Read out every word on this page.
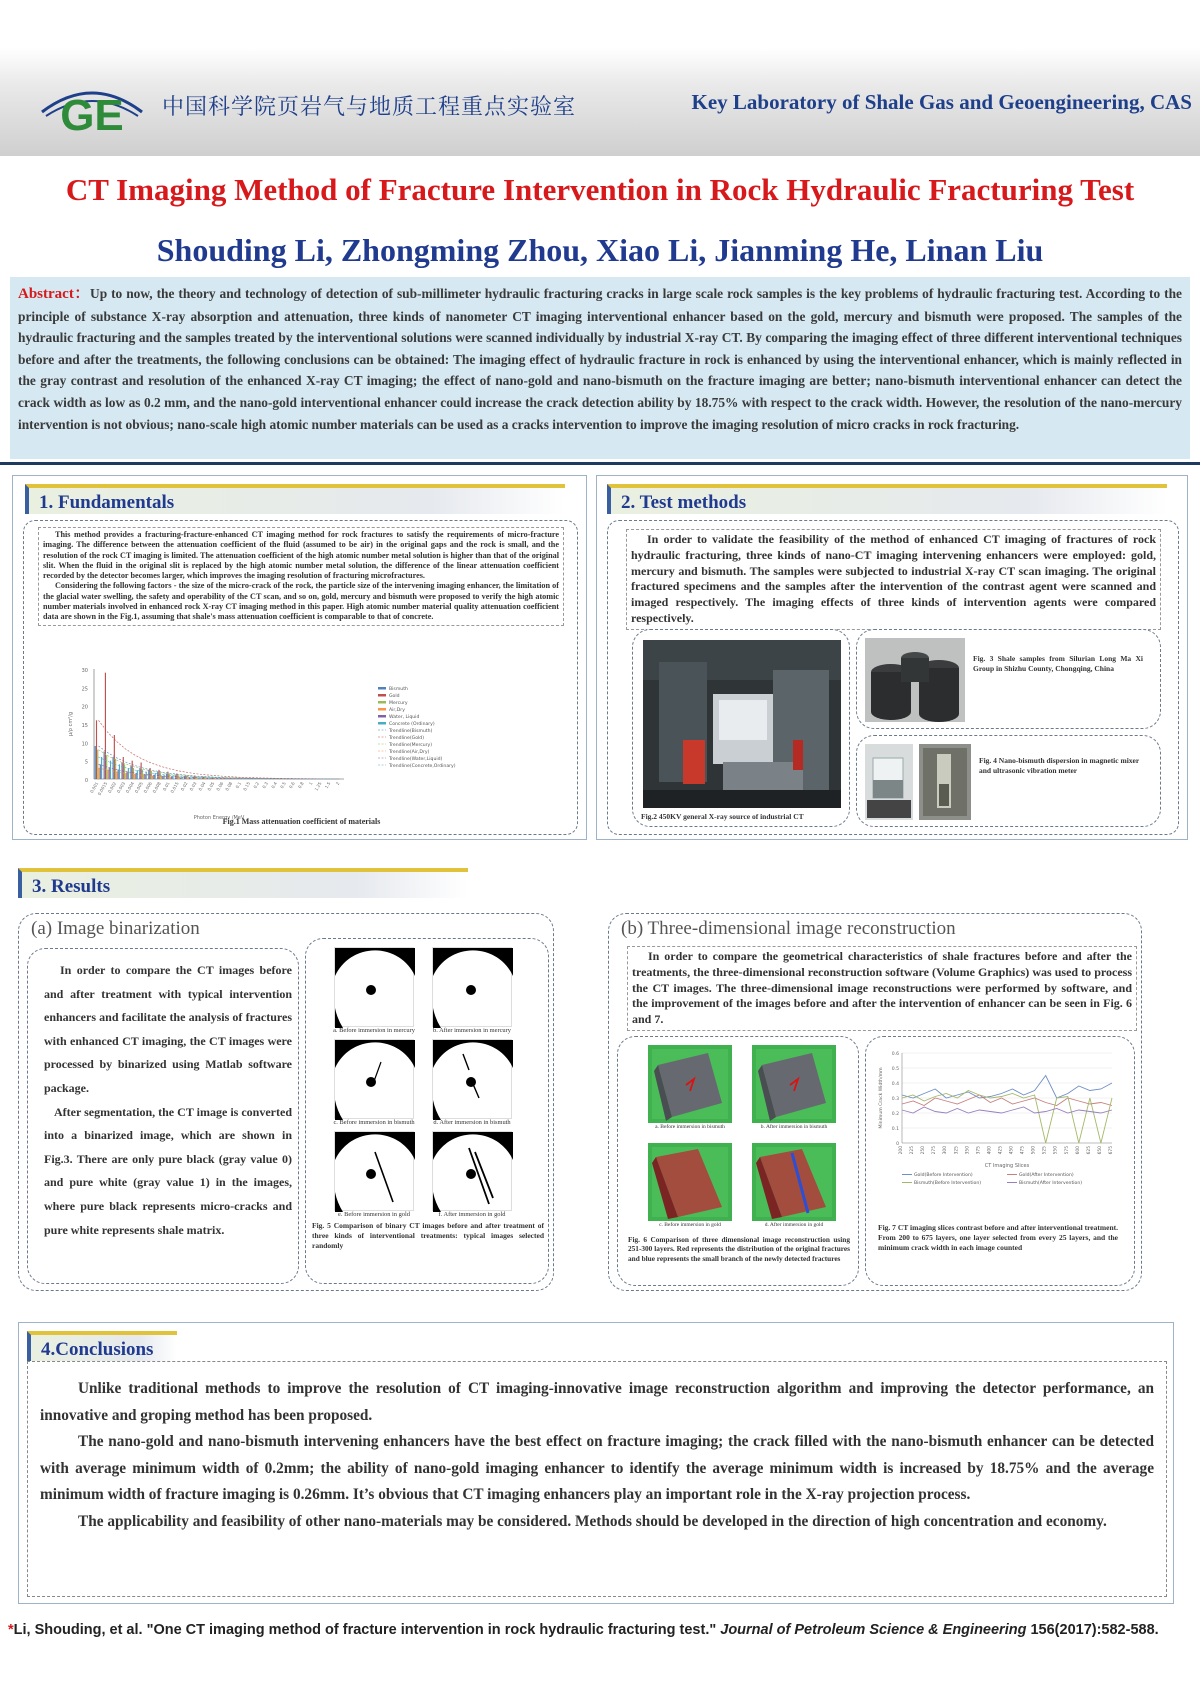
GE 中国科学院页岩气与地质工程重点实验室	Key Laboratory of Shale Gas and Geoengineering, CAS
CT Imaging Method of Fracture Intervention in Rock Hydraulic Fracturing Test
Shouding Li, Zhongming Zhou, Xiao Li, Jianming He, Linan Liu
Abstract：Up to now, the theory and technology of detection of sub-millimeter hydraulic fracturing cracks in large scale rock samples is the key problems of hydraulic fracturing test. According to the principle of substance X-ray absorption and attenuation, three kinds of nanometer CT imaging interventional enhancer based on the gold, mercury and bismuth were proposed. The samples of the hydraulic fracturing and the samples treated by the interventional solutions were scanned individually by industrial X-ray CT. By comparing the imaging effect of three different interventional techniques before and after the treatments, the following conclusions can be obtained: The imaging effect of hydraulic fracture in rock is enhanced by using the interventional enhancer, which is mainly reflected in the gray contrast and resolution of the enhanced X-ray CT imaging; the effect of nano-gold and nano-bismuth on the fracture imaging are better; nano-bismuth interventional enhancer can detect the crack width as low as 0.2 mm, and the nano-gold interventional enhancer could increase the crack detection ability by 18.75% with respect to the crack width. However, the resolution of the nano-mercury intervention is not obvious; nano-scale high atomic number materials can be used as a cracks intervention to improve the imaging resolution of micro cracks in rock fracturing.
1. Fundamentals
This method provides a fracturing-fracture-enhanced CT imaging method for rock fractures to satisfy the requirements of micro-fracture imaging. The difference between the attenuation coefficient of the fluid (assumed to be air) in the original gaps and the rock is small, and the resolution of the rock CT imaging is limited. The attenuation coefficient of the high atomic number metal solution is higher than that of the original slit. When the fluid in the original slit is replaced by the high atomic number metal solution, the difference of the linear attenuation coefficient recorded by the detector becomes larger, which improves the imaging resolution of fracturing microfractures.
Considering the following factors - the size of the micro-crack of the rock, the particle size of the intervening imaging enhancer, the limitation of the glacial water swelling, the safety and operability of the CT scan, and so on, gold, mercury and bismuth were proposed to verify the high atomic number materials involved in enhanced rock X-ray CT imaging method in this paper. High atomic number material quality attenuation coefficient data are shown in the Fig.1, assuming that shale's mass attenuation coefficient is comparable to that of concrete.
0
5
10
15
20
25
30
μ/ρ cm²/g
0.001
0.0015
0.002
0.003
0.004
0.005
0.006
0.008 0.01
0.015 0.02 0.03 0.04 0.05 0.06 0.08 0.1 0.15 0.2 0.3 0.4 0.5 0.6 0.8 1 1.25 1.5 2
Photon Energy /MeV
Bismuth
Gold
Mercury
Air,Dry
Water, Liquid
Concrete (Ordinary)
Trendline(Bismuth)
Trendline(Gold)
Trendline(Mercury)
Trendline(Air,Dry)
Trendline(Water,Liquid)
Trendline(Concrete,Ordinary)
Fig.1 Mass attenuation coefficient of materials
2. Test methods
In order to validate the feasibility of the method of enhanced CT imaging of fractures of rock hydraulic fracturing, three kinds of nano-CT imaging intervening enhancers were employed: gold, mercury and bismuth. The samples were subjected to industrial X-ray CT scan imaging. The original fractured specimens and the samples after the intervention of the contrast agent were scanned and imaged respectively. The imaging effects of three kinds of intervention agents were compared respectively.
Fig.2 450KV general X-ray source of industrial CT
Fig. 3 Shale samples from Silurian Long Ma Xi Group in Shizhu County, Chongqing, China
Fig. 4 Nano-bismuth dispersion in magnetic mixer and ultrasonic vibration meter
3. Results
(a) Image binarization
In order to compare the CT images before and after treatment with typical intervention enhancers and facilitate the analysis of fractures with enhanced CT imaging, the CT images were processed by binarized using Matlab software package.
After segmentation, the CT image is converted into a binarized image, which are shown in Fig.3. There are only pure black (gray value 0) and pure white (gray value 1) in the images, where pure black represents micro-cracks and pure white represents shale matrix.
a. Before immersion in mercury	b. After immersion in mercury
c. Before immersion in bismuth	d. After immersion in bismuth
e. Before immersion in gold	f. After immersion in gold
Fig. 5 Comparison of binary CT images before and after treatment of three kinds of interventional treatments: typical images selected randomly
(b) Three-dimensional image reconstruction
In order to compare the geometrical characteristics of shale fractures before and after the treatments, the three-dimensional reconstruction software (Volume Graphics) was used to process the CT images. The three-dimensional image reconstructions were performed by software, and the improvement of the images before and after the intervention of enhancer can be seen in Fig. 6 and 7.
a. Before immersion in bismuth	b. After immersion in bismuth
c. Before immersion in gold	d. After immersion in gold
Fig. 6 Comparison of three dimensional image reconstruction using 251-300 layers. Red represents the distribution of the original fractures and blue represents the small branch of the newly detected fractures
0
0.1
0.2
0.3
0.4
0.5
0.6
Minimum Crack Width/mm
200 225 250 275 300 325 350 375 400 425 450 475 500 525 550 575 600 625 650 675
CT Imaging Slices
Gold(Before Intervention)	Gold(After Intervention)
Bismuth(Before Intervention)	Bismuth(After Intervention)
Fig. 7 CT imaging slices contrast before and after interventional treatment. From 200 to 675 layers, one layer selected from every 25 layers, and the minimum crack width in each image counted
4.Conclusions
Unlike traditional methods to improve the resolution of CT imaging-innovative image reconstruction algorithm and improving the detector performance, an innovative and groping method has been proposed.
The nano-gold and nano-bismuth intervening enhancers have the best effect on fracture imaging; the crack filled with the nano-bismuth enhancer can be detected with average minimum width of 0.2mm; the ability of nano-gold imaging enhancer to identify the average minimum width is increased by 18.75% and the average minimum width of fracture imaging is 0.26mm. It’s obvious that CT imaging enhancers play an important role in the X-ray projection process.
The applicability and feasibility of other nano-materials may be considered. Methods should be developed in the direction of high concentration and economy.
*Li, Shouding, et al. "One CT imaging method of fracture intervention in rock hydraulic fracturing test." Journal of Petroleum Science & Engineering 156(2017):582-588.
